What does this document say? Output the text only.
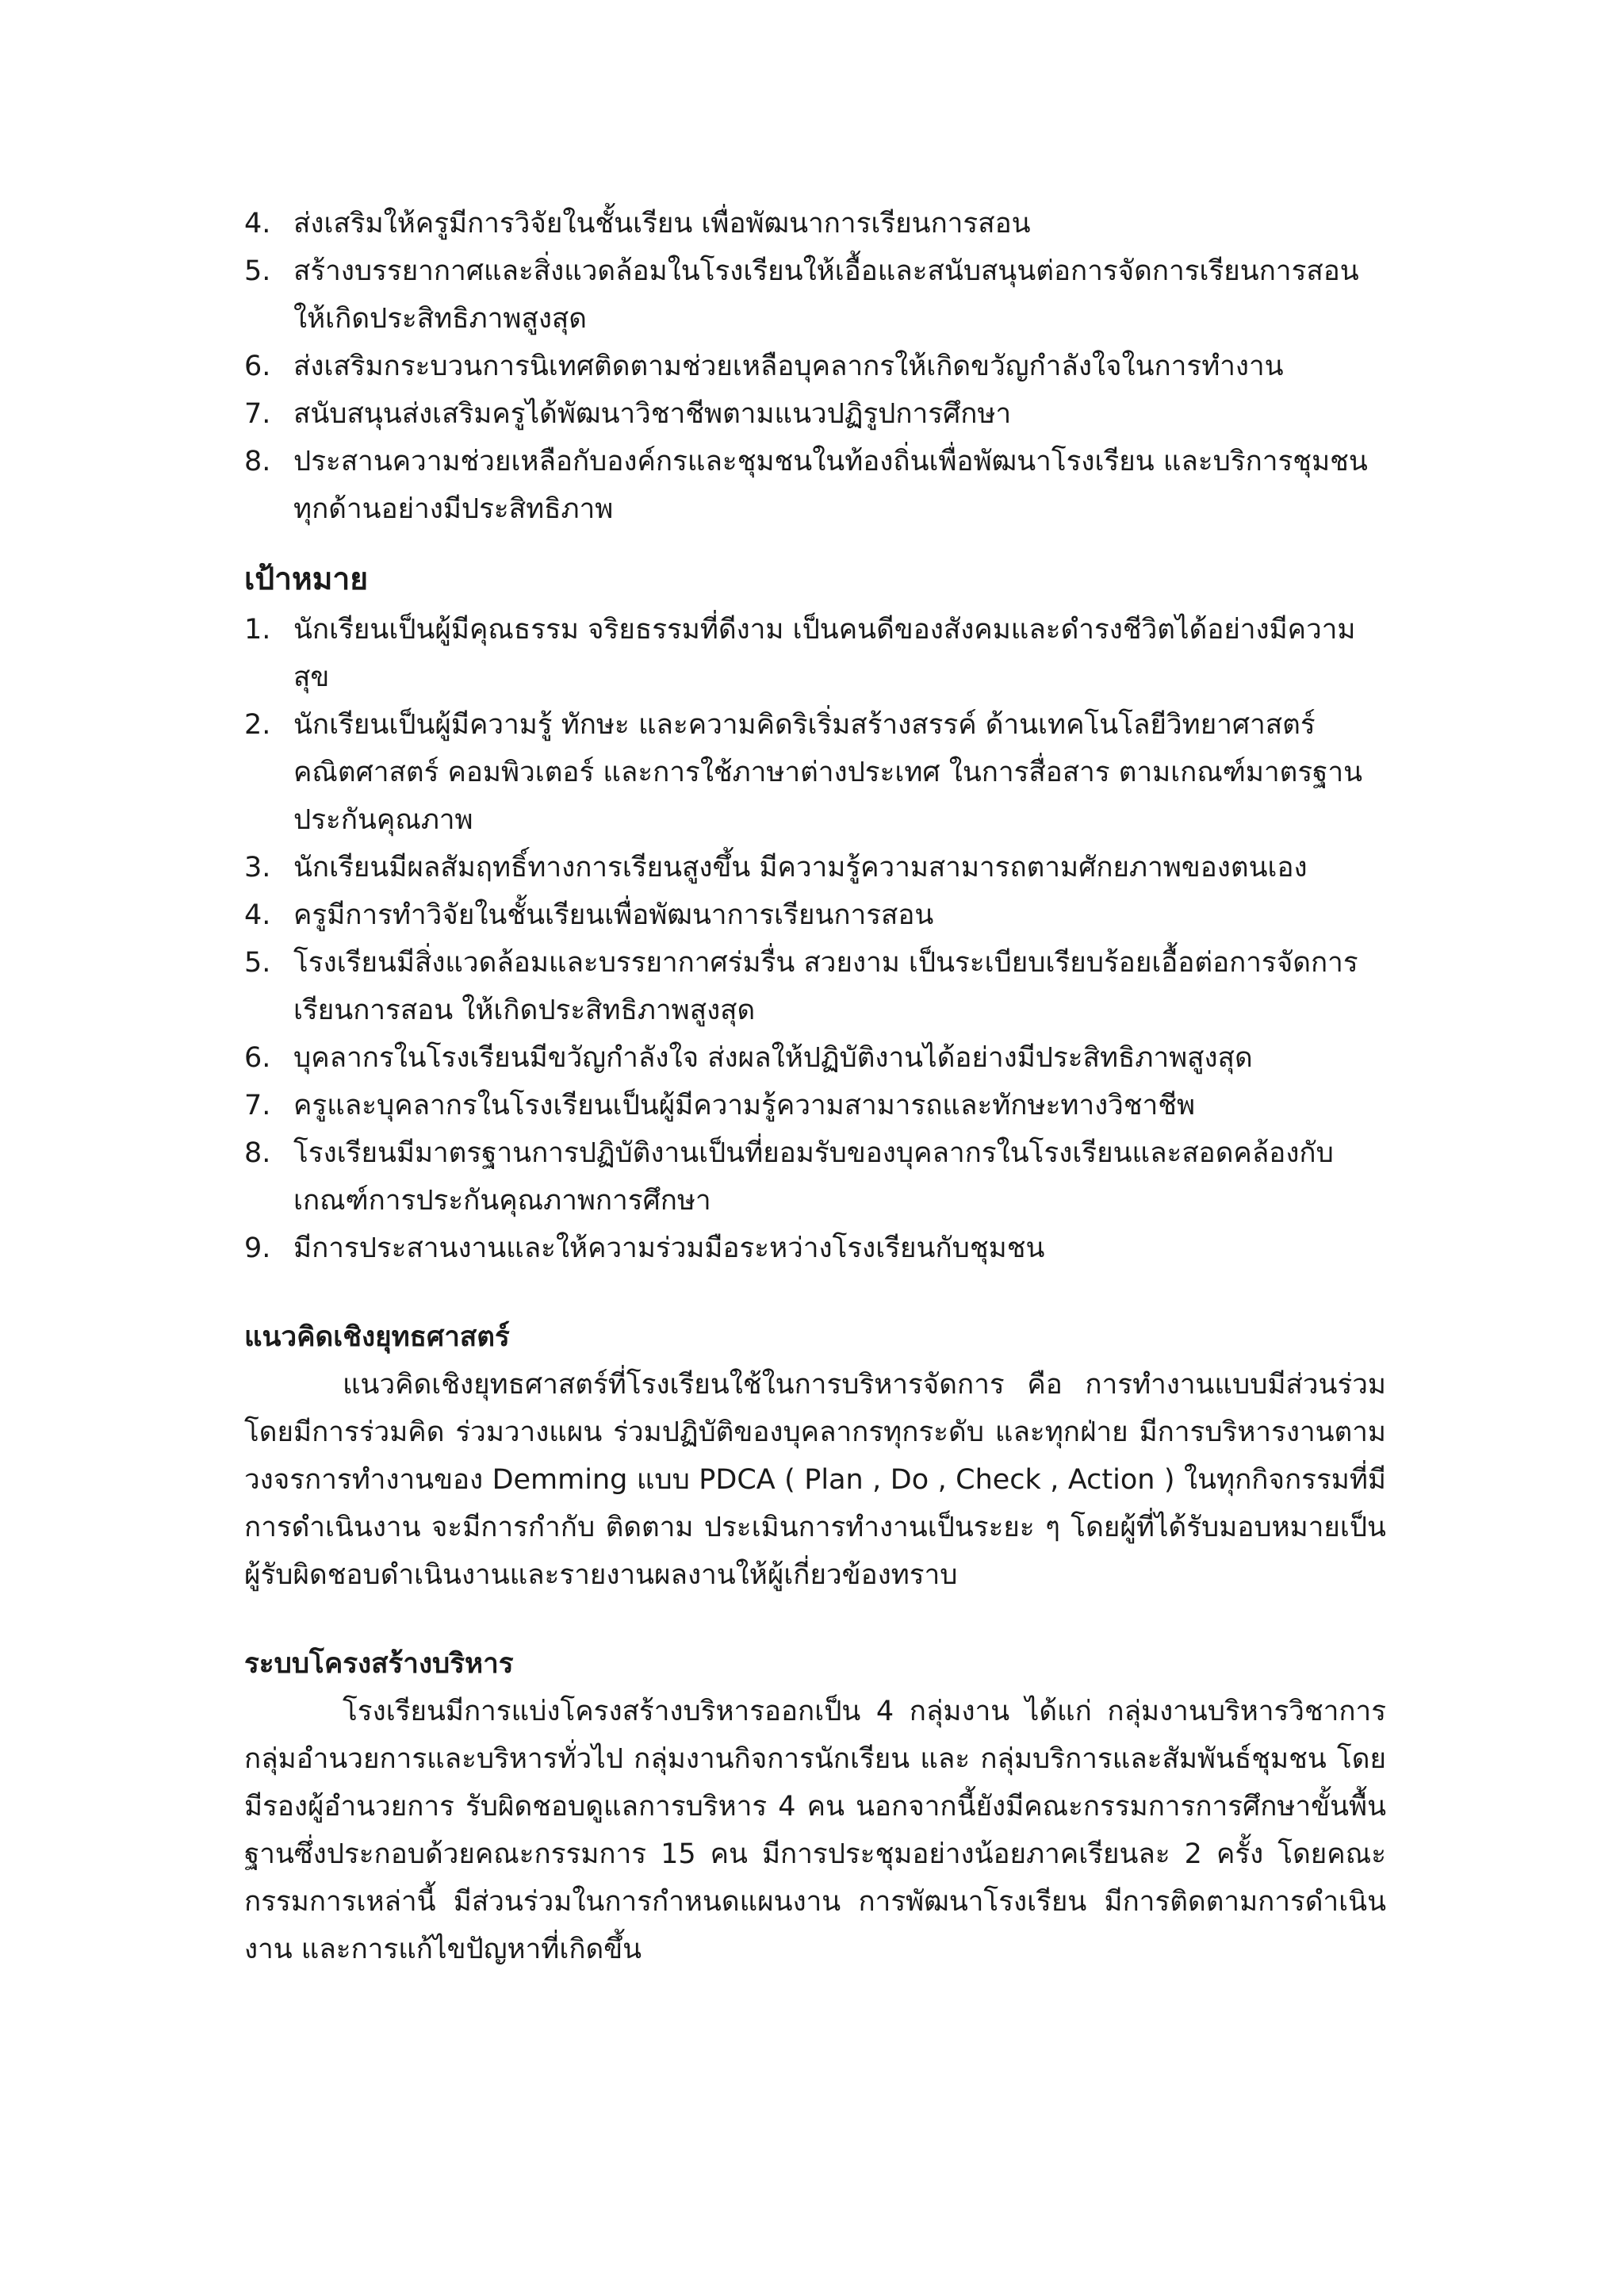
4. ส่งเสริมให้ครูมีการวิจัยในชั้นเรียน เพื่อพัฒนาการเรียนการสอน
5. สร้างบรรยากาศและสิ่งแวดล้อมในโรงเรียนให้เอื้อและสนับสนุนต่อการจัดการเรียนการสอนให้เกิดประสิทธิภาพสูงสุด
6. ส่งเสริมกระบวนการนิเทศติดตามช่วยเหลือบุคลากรให้เกิดขวัญกำลังใจในการทำงาน
7. สนับสนุนส่งเสริมครูได้พัฒนาวิชาชีพตามแนวปฏิรูปการศึกษา
8. ประสานความช่วยเหลือกับองค์กรและชุมชนในท้องถิ่นเพื่อพัฒนาโรงเรียน และบริการชุมชนทุกด้านอย่างมีประสิทธิภาพ
เป้าหมาย
1. นักเรียนเป็นผู้มีคุณธรรม จริยธรรมที่ดีงาม เป็นคนดีของสังคมและดำรงชีวิตได้อย่างมีความสุข
2. นักเรียนเป็นผู้มีความรู้ ทักษะ และความคิดริเริ่มสร้างสรรค์ ด้านเทคโนโลยีวิทยาศาสตร์ คณิตศาสตร์ คอมพิวเตอร์ และการใช้ภาษาต่างประเทศ ในการสื่อสาร ตามเกณฑ์มาตรฐานประกันคุณภาพ
3. นักเรียนมีผลสัมฤทธิ์ทางการเรียนสูงขึ้น มีความรู้ความสามารถตามศักยภาพของตนเอง
4. ครูมีการทำวิจัยในชั้นเรียนเพื่อพัฒนาการเรียนการสอน
5. โรงเรียนมีสิ่งแวดล้อมและบรรยากาศร่มรื่น สวยงาม เป็นระเบียบเรียบร้อยเอื้อต่อการจัดการเรียนการสอน ให้เกิดประสิทธิภาพสูงสุด
6. บุคลากรในโรงเรียนมีขวัญกำลังใจ ส่งผลให้ปฏิบัติงานได้อย่างมีประสิทธิภาพสูงสุด
7. ครูและบุคลากรในโรงเรียนเป็นผู้มีความรู้ความสามารถและทักษะทางวิชาชีพ
8. โรงเรียนมีมาตรฐานการปฏิบัติงานเป็นที่ยอมรับของบุคลากรในโรงเรียนและสอดคล้องกับเกณฑ์การประกันคุณภาพการศึกษา
9. มีการประสานงานและให้ความร่วมมือระหว่างโรงเรียนกับชุมชน
แนวคิดเชิงยุทธศาสตร์

แนวคิดเชิงยุทธศาสตร์ที่โรงเรียนใช้ในการบริหารจัดการ คือ การทำงานแบบมีส่วนร่วม โดยมีการร่วมคิด ร่วมวางแผน ร่วมปฏิบัติของบุคลากรทุกระดับ และทุกฝ่าย มีการบริหารงานตามวงจรการทำงานของ Demming แบบ PDCA ( Plan , Do , Check , Action ) ในทุกกิจกรรมที่มีการดำเนินงาน จะมีการกำกับ ติดตาม ประเมินการทำงานเป็นระยะ ๆ โดยผู้ที่ได้รับมอบหมายเป็นผู้รับผิดชอบดำเนินงานและรายงานผลงานให้ผู้เกี่ยวข้องทราบ

ระบบโครงสร้างบริหาร

โรงเรียนมีการแบ่งโครงสร้างบริหารออกเป็น 4 กลุ่มงาน ได้แก่ กลุ่มงานบริหารวิชาการ กลุ่มอำนวยการและบริหารทั่วไป กลุ่มงานกิจการนักเรียน และ กลุ่มบริการและสัมพันธ์ชุมชน โดยมีรองผู้อำนวยการ รับผิดชอบดูแลการบริหาร 4 คน นอกจากนี้ยังมีคณะกรรมการการศึกษาขั้นพื้นฐานซึ่งประกอบด้วยคณะกรรมการ 15 คน มีการประชุมอย่างน้อยภาคเรียนละ 2 ครั้ง โดยคณะกรรมการเหล่านี้ มีส่วนร่วมในการกำหนดแผนงาน การพัฒนาโรงเรียน มีการติดตามการดำเนินงาน และการแก้ไขปัญหาที่เกิดขึ้น
